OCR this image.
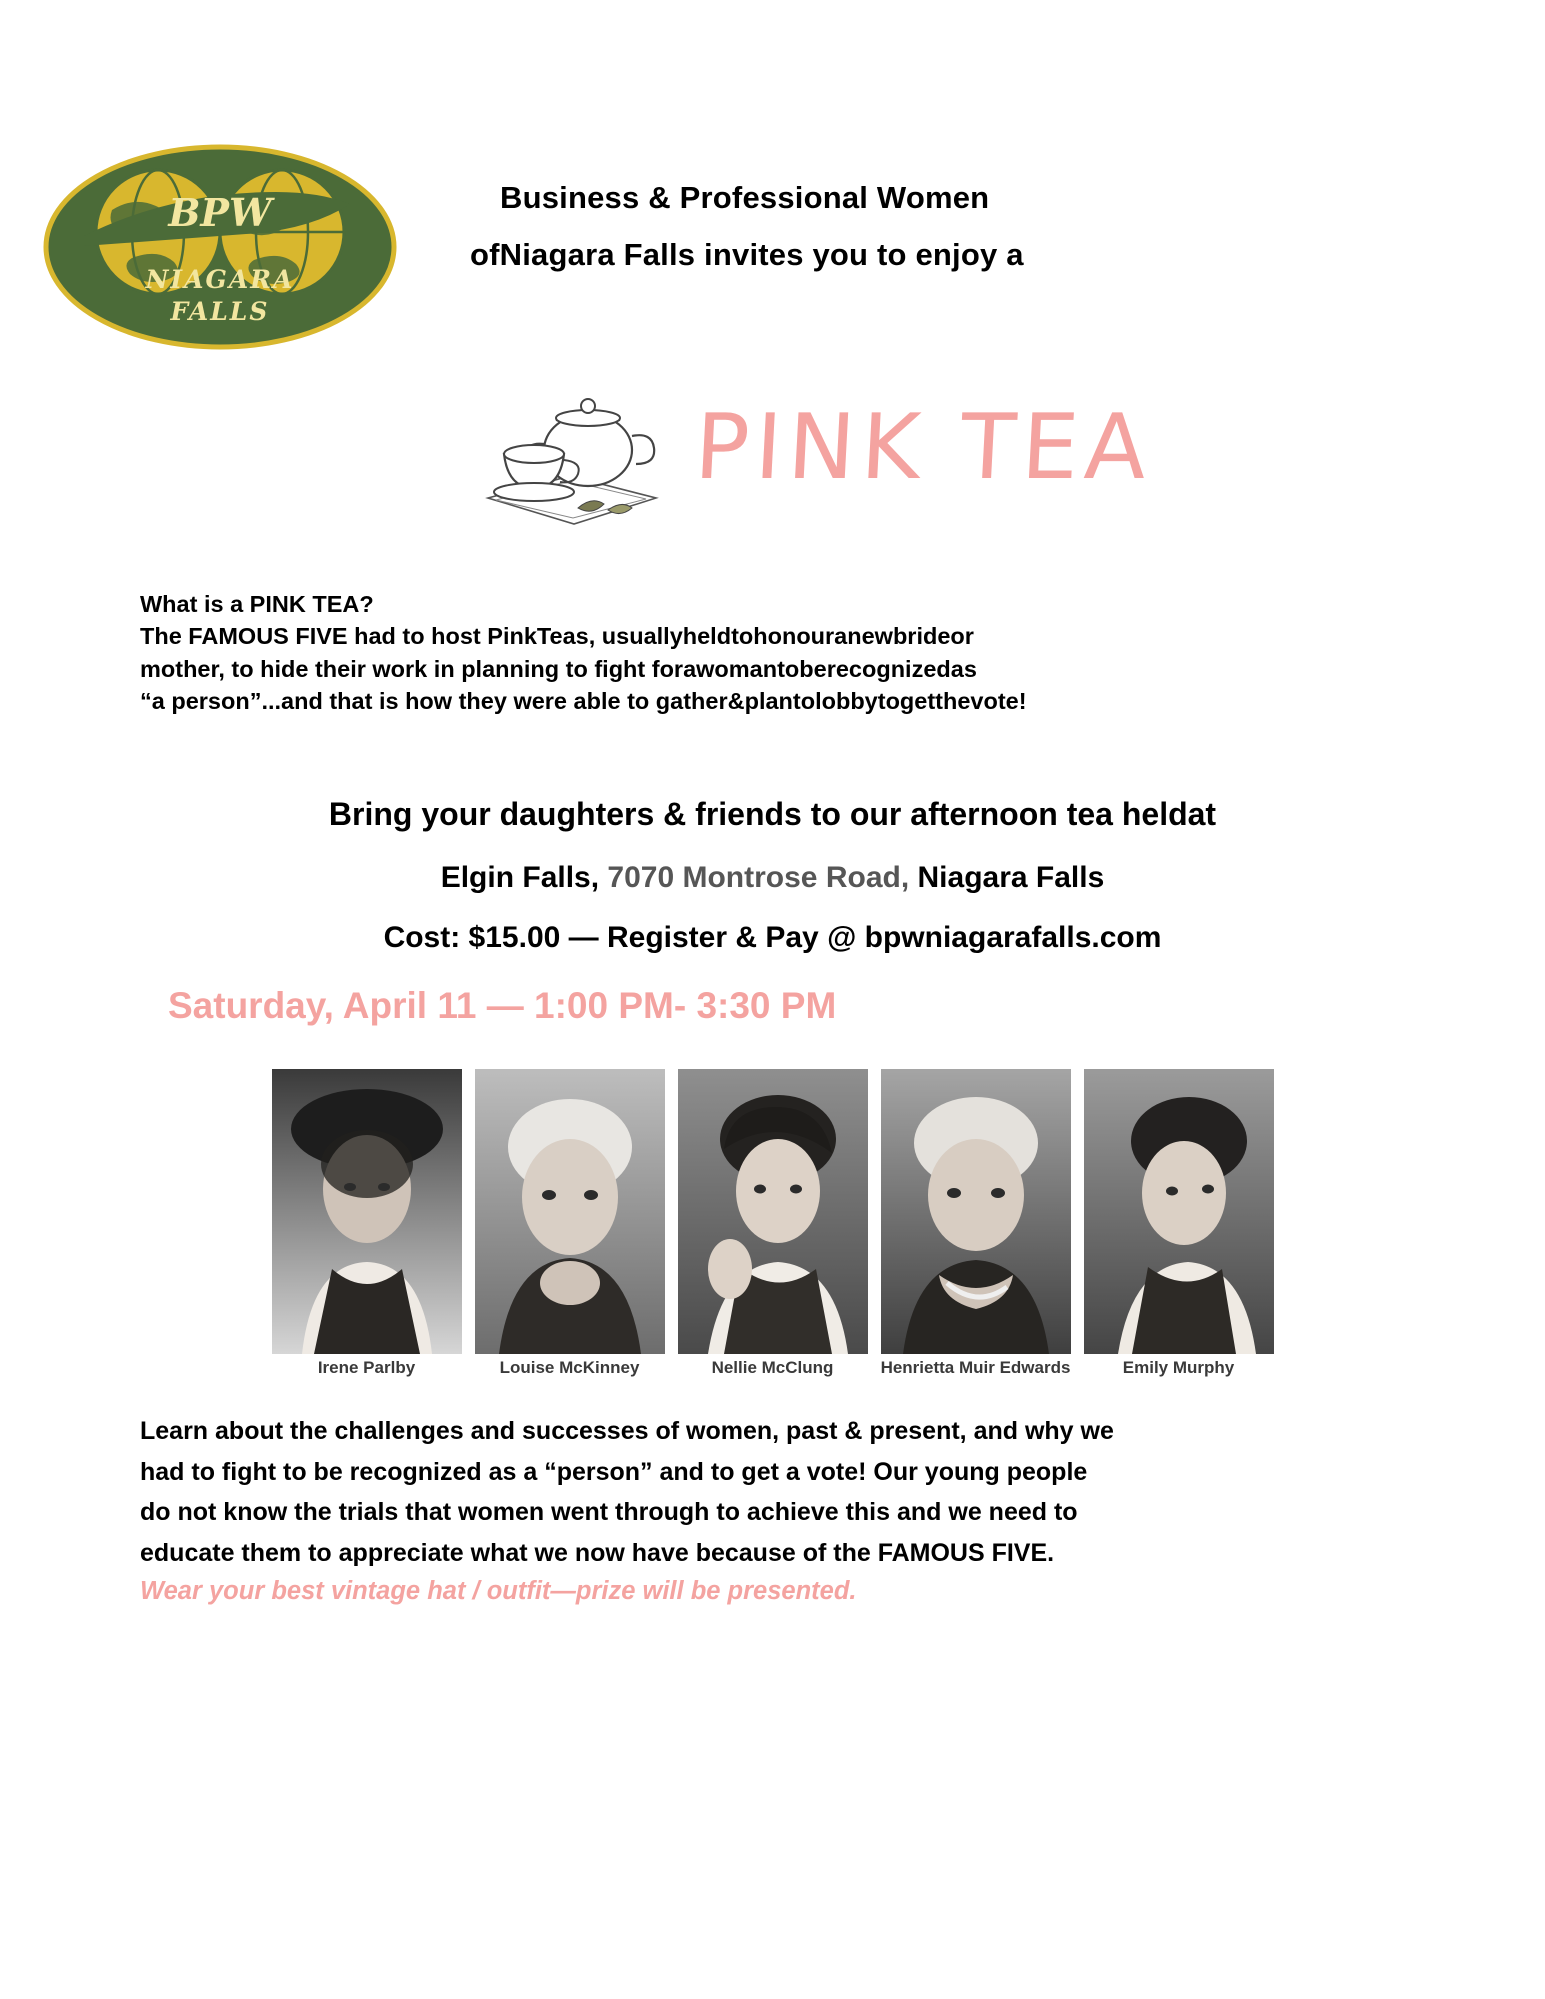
BPW
NIAGARA
FALLS
Business & Professional Women
ofNiagara Falls invites you to enjoy a
PINK TEA
What is a PINK TEA?
The FAMOUS FIVE had to host PinkTeas, usuallyheldtohonouranewbrideor
mother, to hide their work in planning to fight forawomantoberecognizedas
“a person”...and that is how they were able to gather&plantolobbytogetthevote!
Bring your daughters & friends to our afternoon tea heldat
Elgin Falls, 7070 Montrose Road, Niagara Falls
Cost: $15.00 — Register & Pay @ bpwniagarafalls.com
Saturday, April 11 — 1:00 PM- 3:30 PM
Irene Parlby	Louise McKinney	Nellie McClung	Henrietta Muir Edwards	Emily Murphy
Learn about the challenges and successes of women, past & present, and why we
had to fight to be recognized as a “person” and to get a vote! Our young people
do not know the trials that women went through to achieve this and we need to
educate them to appreciate what we now have because of the FAMOUS FIVE.
Wear your best vintage hat / outfit—prize will be presented.
